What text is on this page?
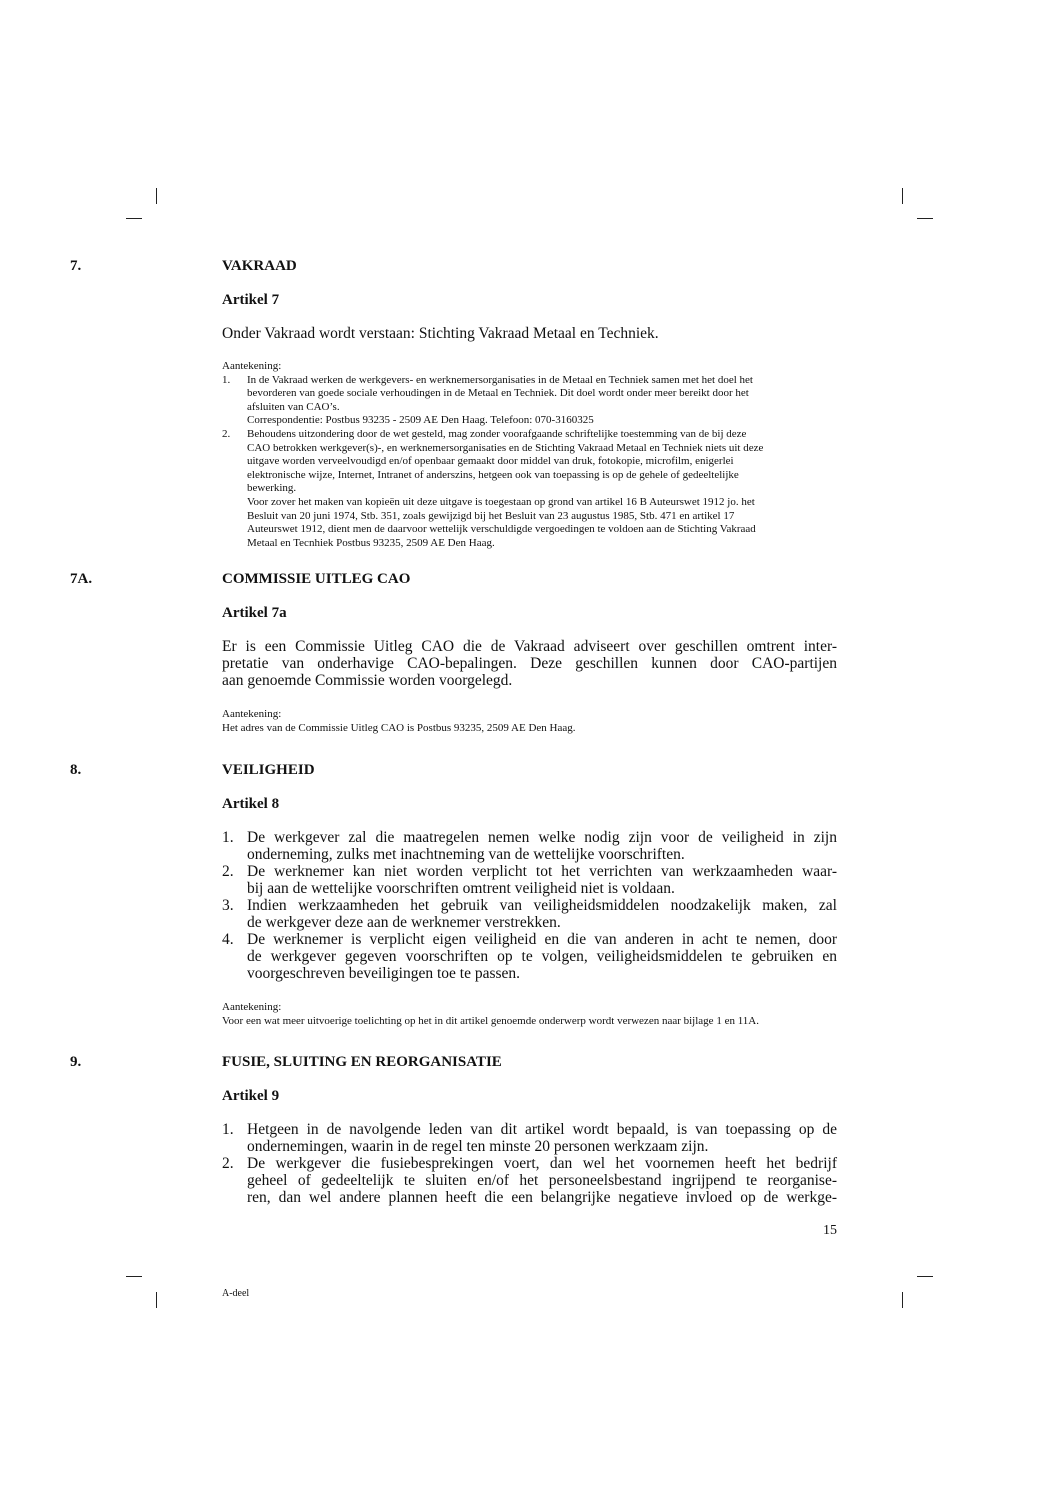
7.	VAKRAAD

Artikel 7

Onder Vakraad wordt verstaan: Stichting Vakraad Metaal en Techniek.

Aantekening:

1. In de Vakraad werken de werkgevers- en werknemersorganisaties in de Metaal en Techniek samen met het doel het
bevorderen van goede sociale verhoudingen in de Metaal en Techniek. Dit doel wordt onder meer bereikt door het
afsluiten van CAO’s.
Correspondentie: Postbus 93235 - 2509 AE Den Haag. Telefoon: 070-3160325
2. Behoudens uitzondering door de wet gesteld, mag zonder voorafgaande schriftelijke toestemming van de bij deze
CAO betrokken werkgever(s)-, en werknemersorganisaties en de Stichting Vakraad Metaal en Techniek niets uit deze
uitgave worden verveelvoudigd en/of openbaar gemaakt door middel van druk, fotokopie, microfilm, enigerlei
elektronische wijze, Internet, Intranet of anderszins, hetgeen ook van toepassing is op de gehele of gedeeltelijke
bewerking.
Voor zover het maken van kopieën uit deze uitgave is toegestaan op grond van artikel 16 B Auteurswet 1912 jo. het
Besluit van 20 juni 1974, Stb. 351, zoals gewijzigd bij het Besluit van 23 augustus 1985, Stb. 471 en artikel 17
Auteurswet 1912, dient men de daarvoor wettelijk verschuldigde vergoedingen te voldoen aan de Stichting Vakraad
Metaal en Tecnhiek Postbus 93235, 2509 AE Den Haag.
7A.	COMMISSIE UITLEG CAO

Artikel 7a

Er is een Commissie Uitleg CAO die de Vakraad adviseert over geschillen omtrent inter-

pretatie van onderhavige CAO-bepalingen. Deze geschillen kunnen door CAO-partijen

aan genoemde Commissie worden voorgelegd.

Aantekening:

Het adres van de Commissie Uitleg CAO is Postbus 93235, 2509 AE Den Haag.

8.	VEILIGHEID

Artikel 8

1. De werkgever zal die maatregelen nemen welke nodig zijn voor de veiligheid in zijn
onderneming, zulks met inachtneming van de wettelijke voorschriften.
2. De werknemer kan niet worden verplicht tot het verrichten van werkzaamheden waar-
bij aan de wettelijke voorschriften omtrent veiligheid niet is voldaan.
3. Indien werkzaamheden het gebruik van veiligheidsmiddelen noodzakelijk maken, zal
de werkgever deze aan de werknemer verstrekken.
4. De werknemer is verplicht eigen veiligheid en die van anderen in acht te nemen, door
de werkgever gegeven voorschriften op te volgen, veiligheidsmiddelen te gebruiken en
voorgeschreven beveiligingen toe te passen.

Aantekening:

Voor een wat meer uitvoerige toelichting op het in dit artikel genoemde onderwerp wordt verwezen naar bijlage 1 en 11A.

9.	FUSIE, SLUITING EN REORGANISATIE

Artikel 9

1. Hetgeen in de navolgende leden van dit artikel wordt bepaald, is van toepassing op de
ondernemingen, waarin in de regel ten minste 20 personen werkzaam zijn.
2. De werkgever die fusiebesprekingen voert, dan wel het voornemen heeft het bedrijf
geheel of gedeeltelijk te sluiten en/of het personeelsbestand ingrijpend te reorganise-
ren, dan wel andere plannen heeft die een belangrijke negatieve invloed op de werkge-
15
A-deel
